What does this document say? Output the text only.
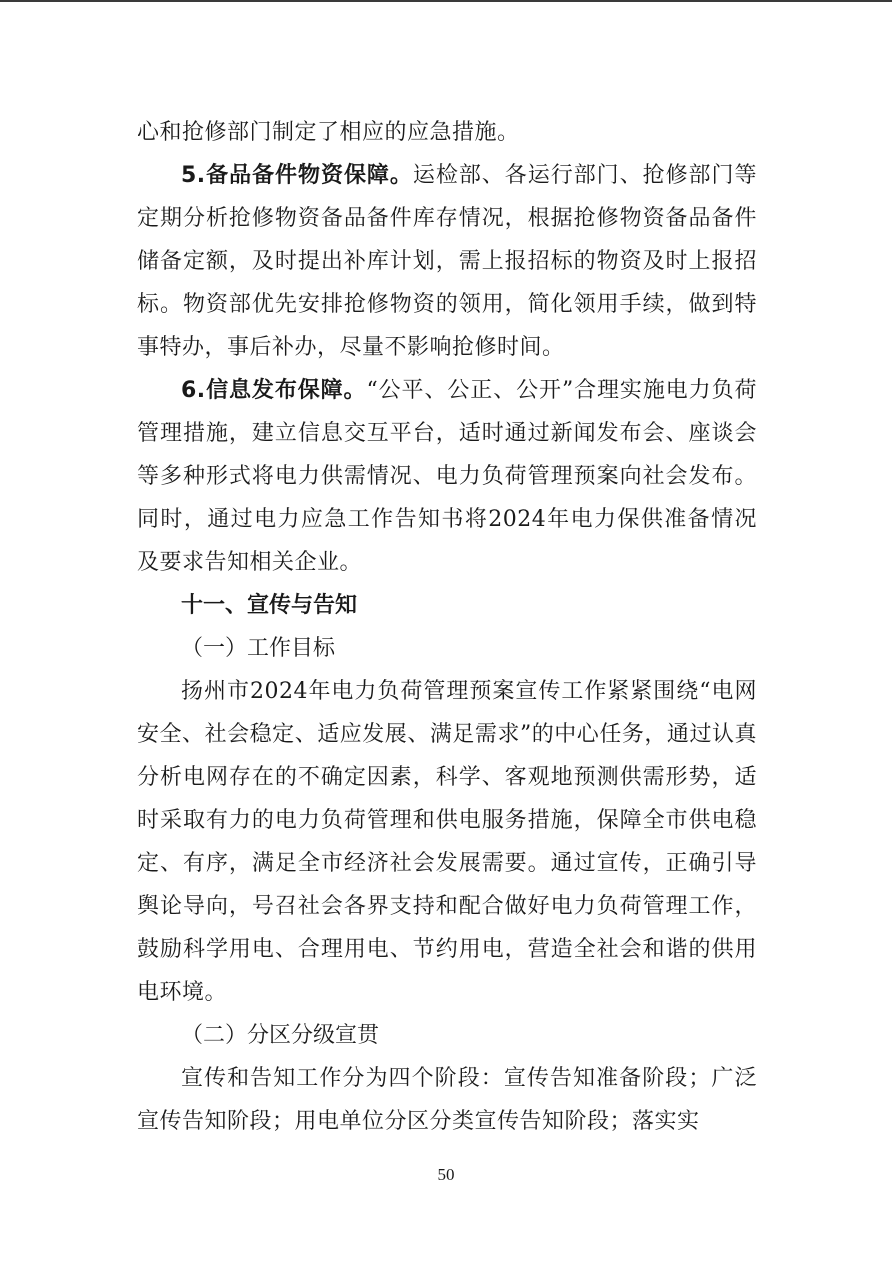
心和抢修部门制定了相应的应急措施。

5.备品备件物资保障。运检部、各运行部门、抢修部门等定期分析抢修物资备品备件库存情况，根据抢修物资备品备件储备定额，及时提出补库计划，需上报招标的物资及时上报招标。物资部优先安排抢修物资的领用，简化领用手续，做到特事特办，事后补办，尽量不影响抢修时间。

6.信息发布保障。“公平、公正、公开”合理实施电力负荷管理措施，建立信息交互平台，适时通过新闻发布会、座谈会等多种形式将电力供需情况、电力负荷管理预案向社会发布。同时，通过电力应急工作告知书将2024年电力保供准备情况及要求告知相关企业。

十一、宣传与告知

（一）工作目标

扬州市2024年电力负荷管理预案宣传工作紧紧围绕“电网安全、社会稳定、适应发展、满足需求”的中心任务，通过认真分析电网存在的不确定因素，科学、客观地预测供需形势，适时采取有力的电力负荷管理和供电服务措施，保障全市供电稳定、有序，满足全市经济社会发展需要。通过宣传，正确引导舆论导向，号召社会各界支持和配合做好电力负荷管理工作，鼓励科学用电、合理用电、节约用电，营造全社会和谐的供用电环境。

（二）分区分级宣贯

宣传和告知工作分为四个阶段：宣传告知准备阶段；广泛宣传告知阶段；用电单位分区分类宣传告知阶段；落实实

50
